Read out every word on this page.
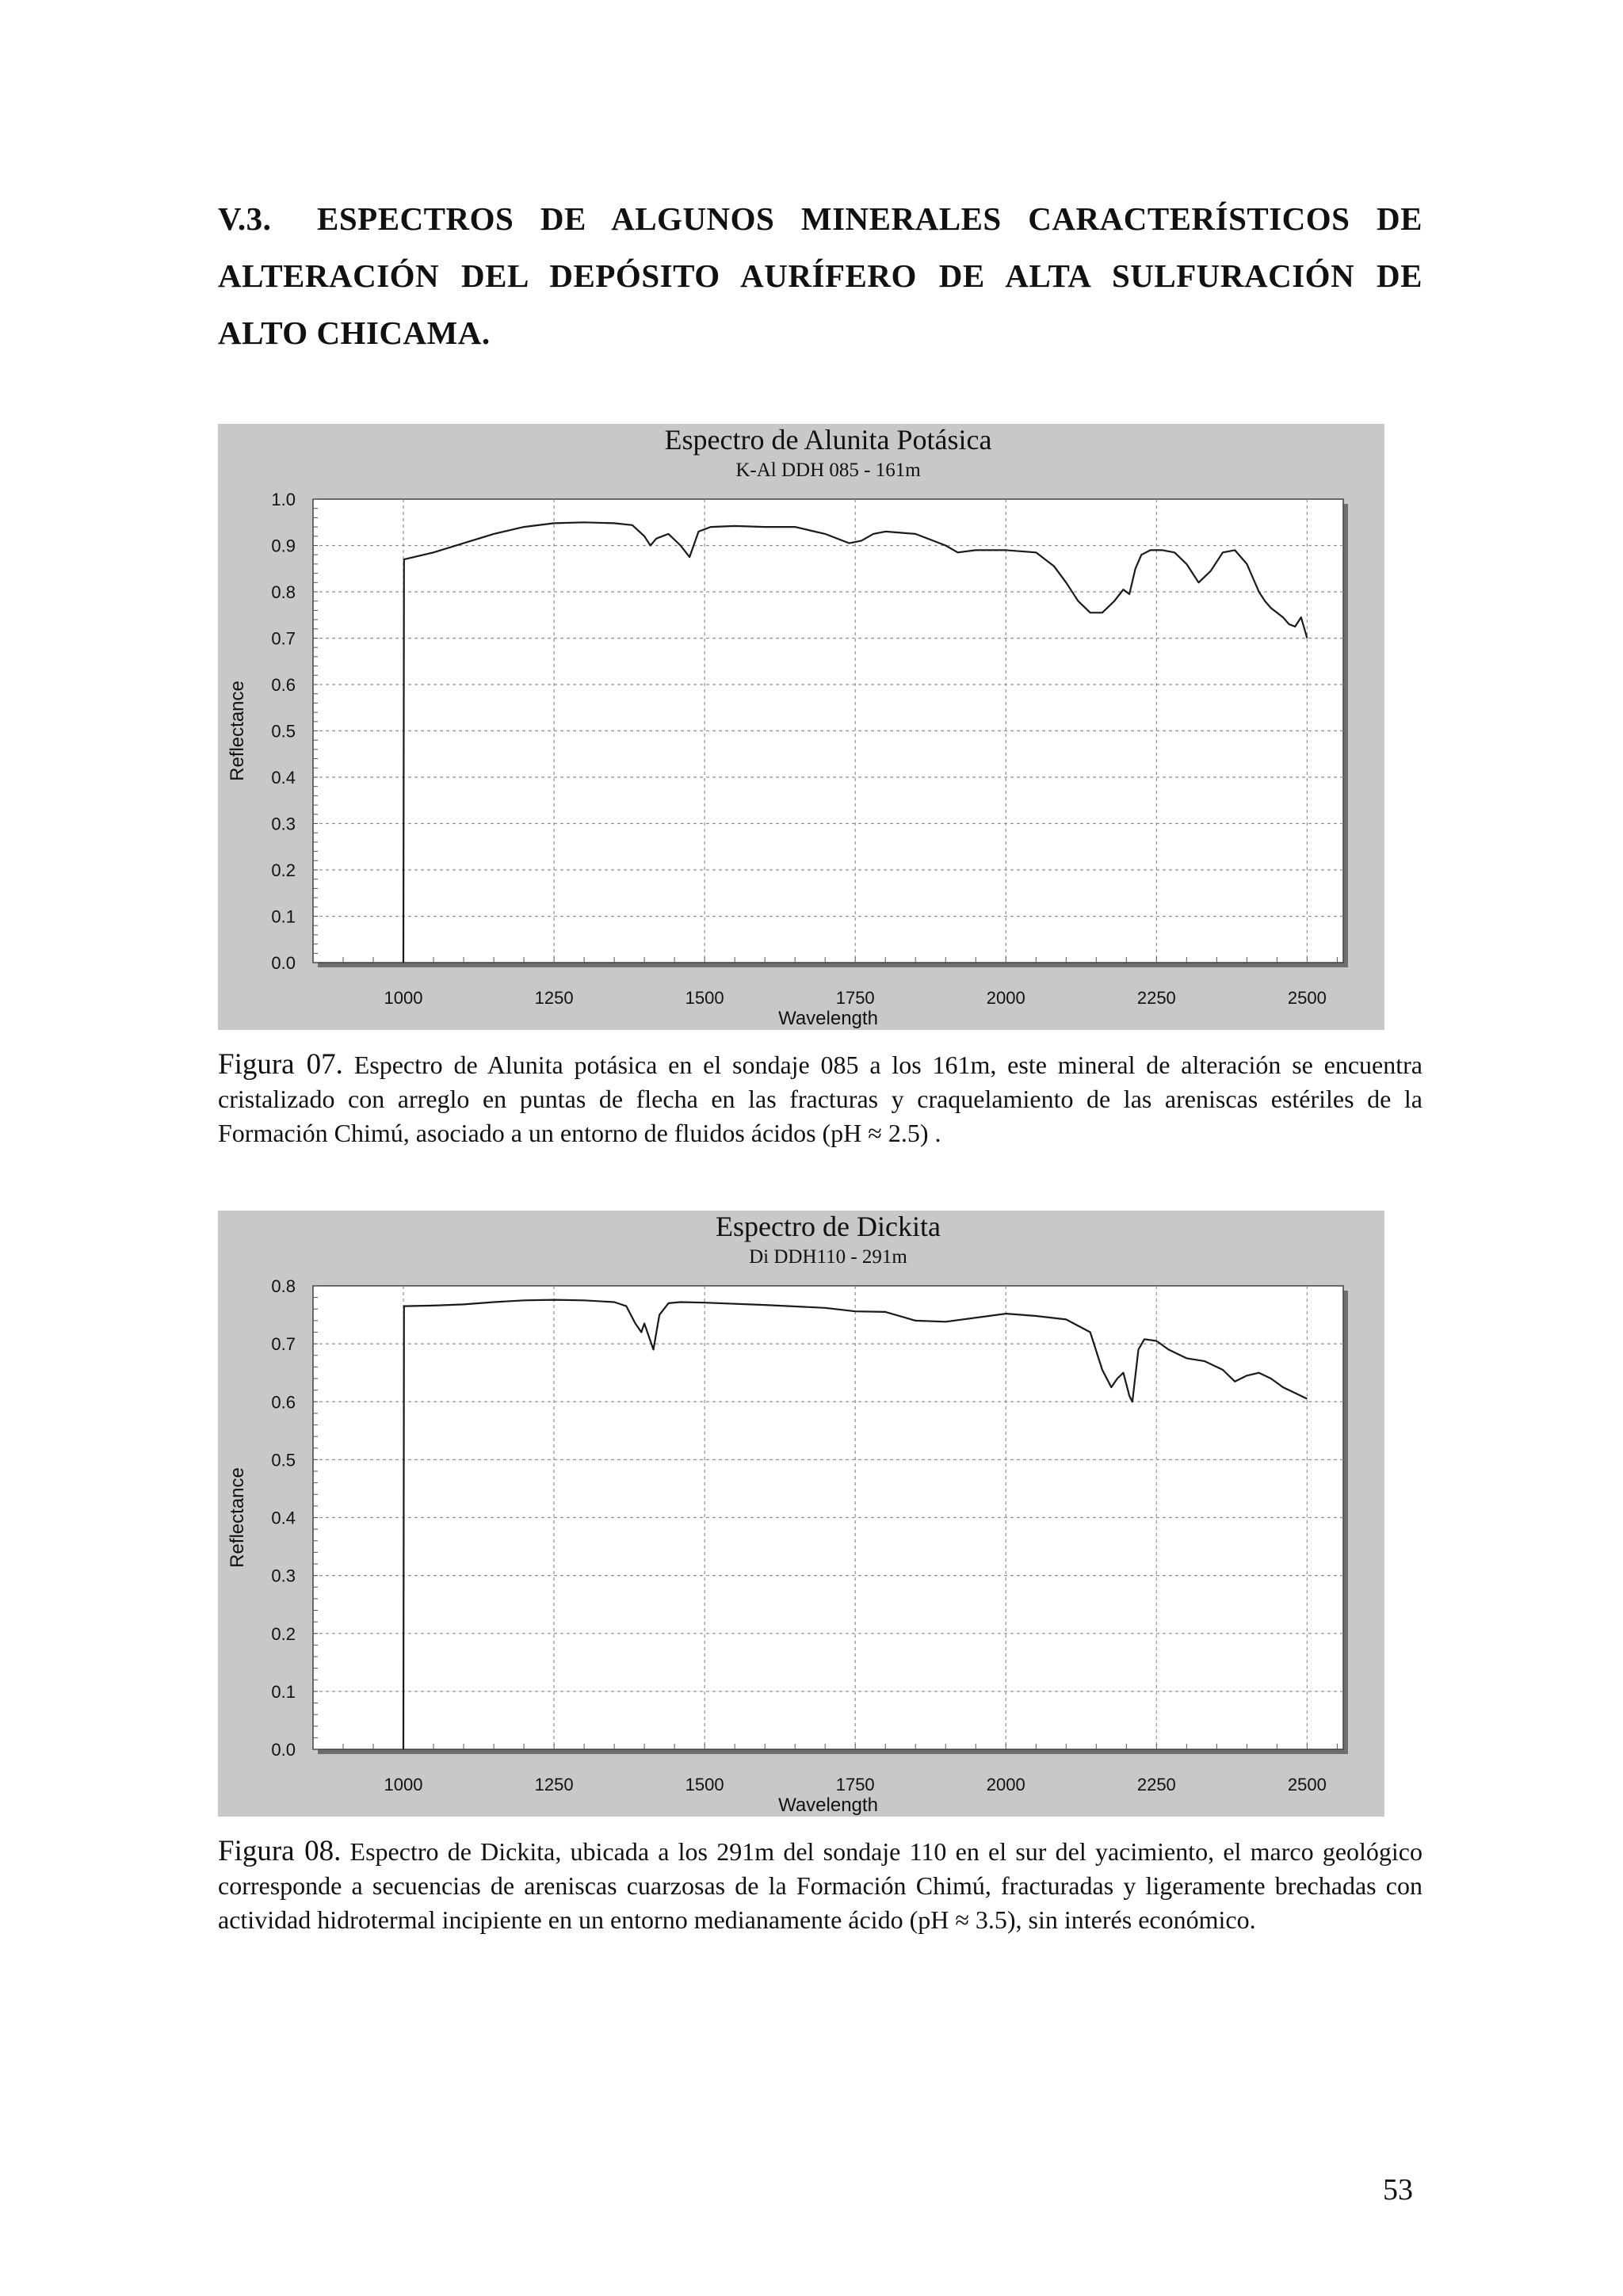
V.3. ESPECTROS DE ALGUNOS MINERALES CARACTERÍSTICOS DE ALTERACIÓN DEL DEPÓSITO AURÍFERO DE ALTA SULFURACIÓN DE ALTO CHICAMA.
0.0
0.1
0.2
0.3
0.4
0.5
0.6
0.7
0.8
0.9
1.0
1000	1250	1500	1750	2000	2250	2500
Espectro de Alunita Potásica
K-Al DDH 085 - 161m
Wavelength
Reflectance
Figura 07. Espectro de Alunita potásica en el sondaje 085 a los 161m, este mineral de alteración se encuentra cristalizado con arreglo en puntas de flecha en las fracturas y craquelamiento de las areniscas estériles de la Formación Chimú, asociado a un entorno de fluidos ácidos (pH ≈ 2.5) .
0.0
0.1
0.2
0.3
0.4
0.5
0.6
0.7
0.8
1000	1250	1500	1750	2000	2250	2500
Espectro de Dickita
Di DDH110 - 291m
Wavelength
Reflectance
Figura 08. Espectro de Dickita, ubicada a los 291m del sondaje 110 en el sur del yacimiento, el marco geológico corresponde a secuencias de areniscas cuarzosas de la Formación Chimú, fracturadas y ligeramente brechadas con actividad hidrotermal incipiente en un entorno medianamente ácido (pH ≈ 3.5), sin interés económico.
53
